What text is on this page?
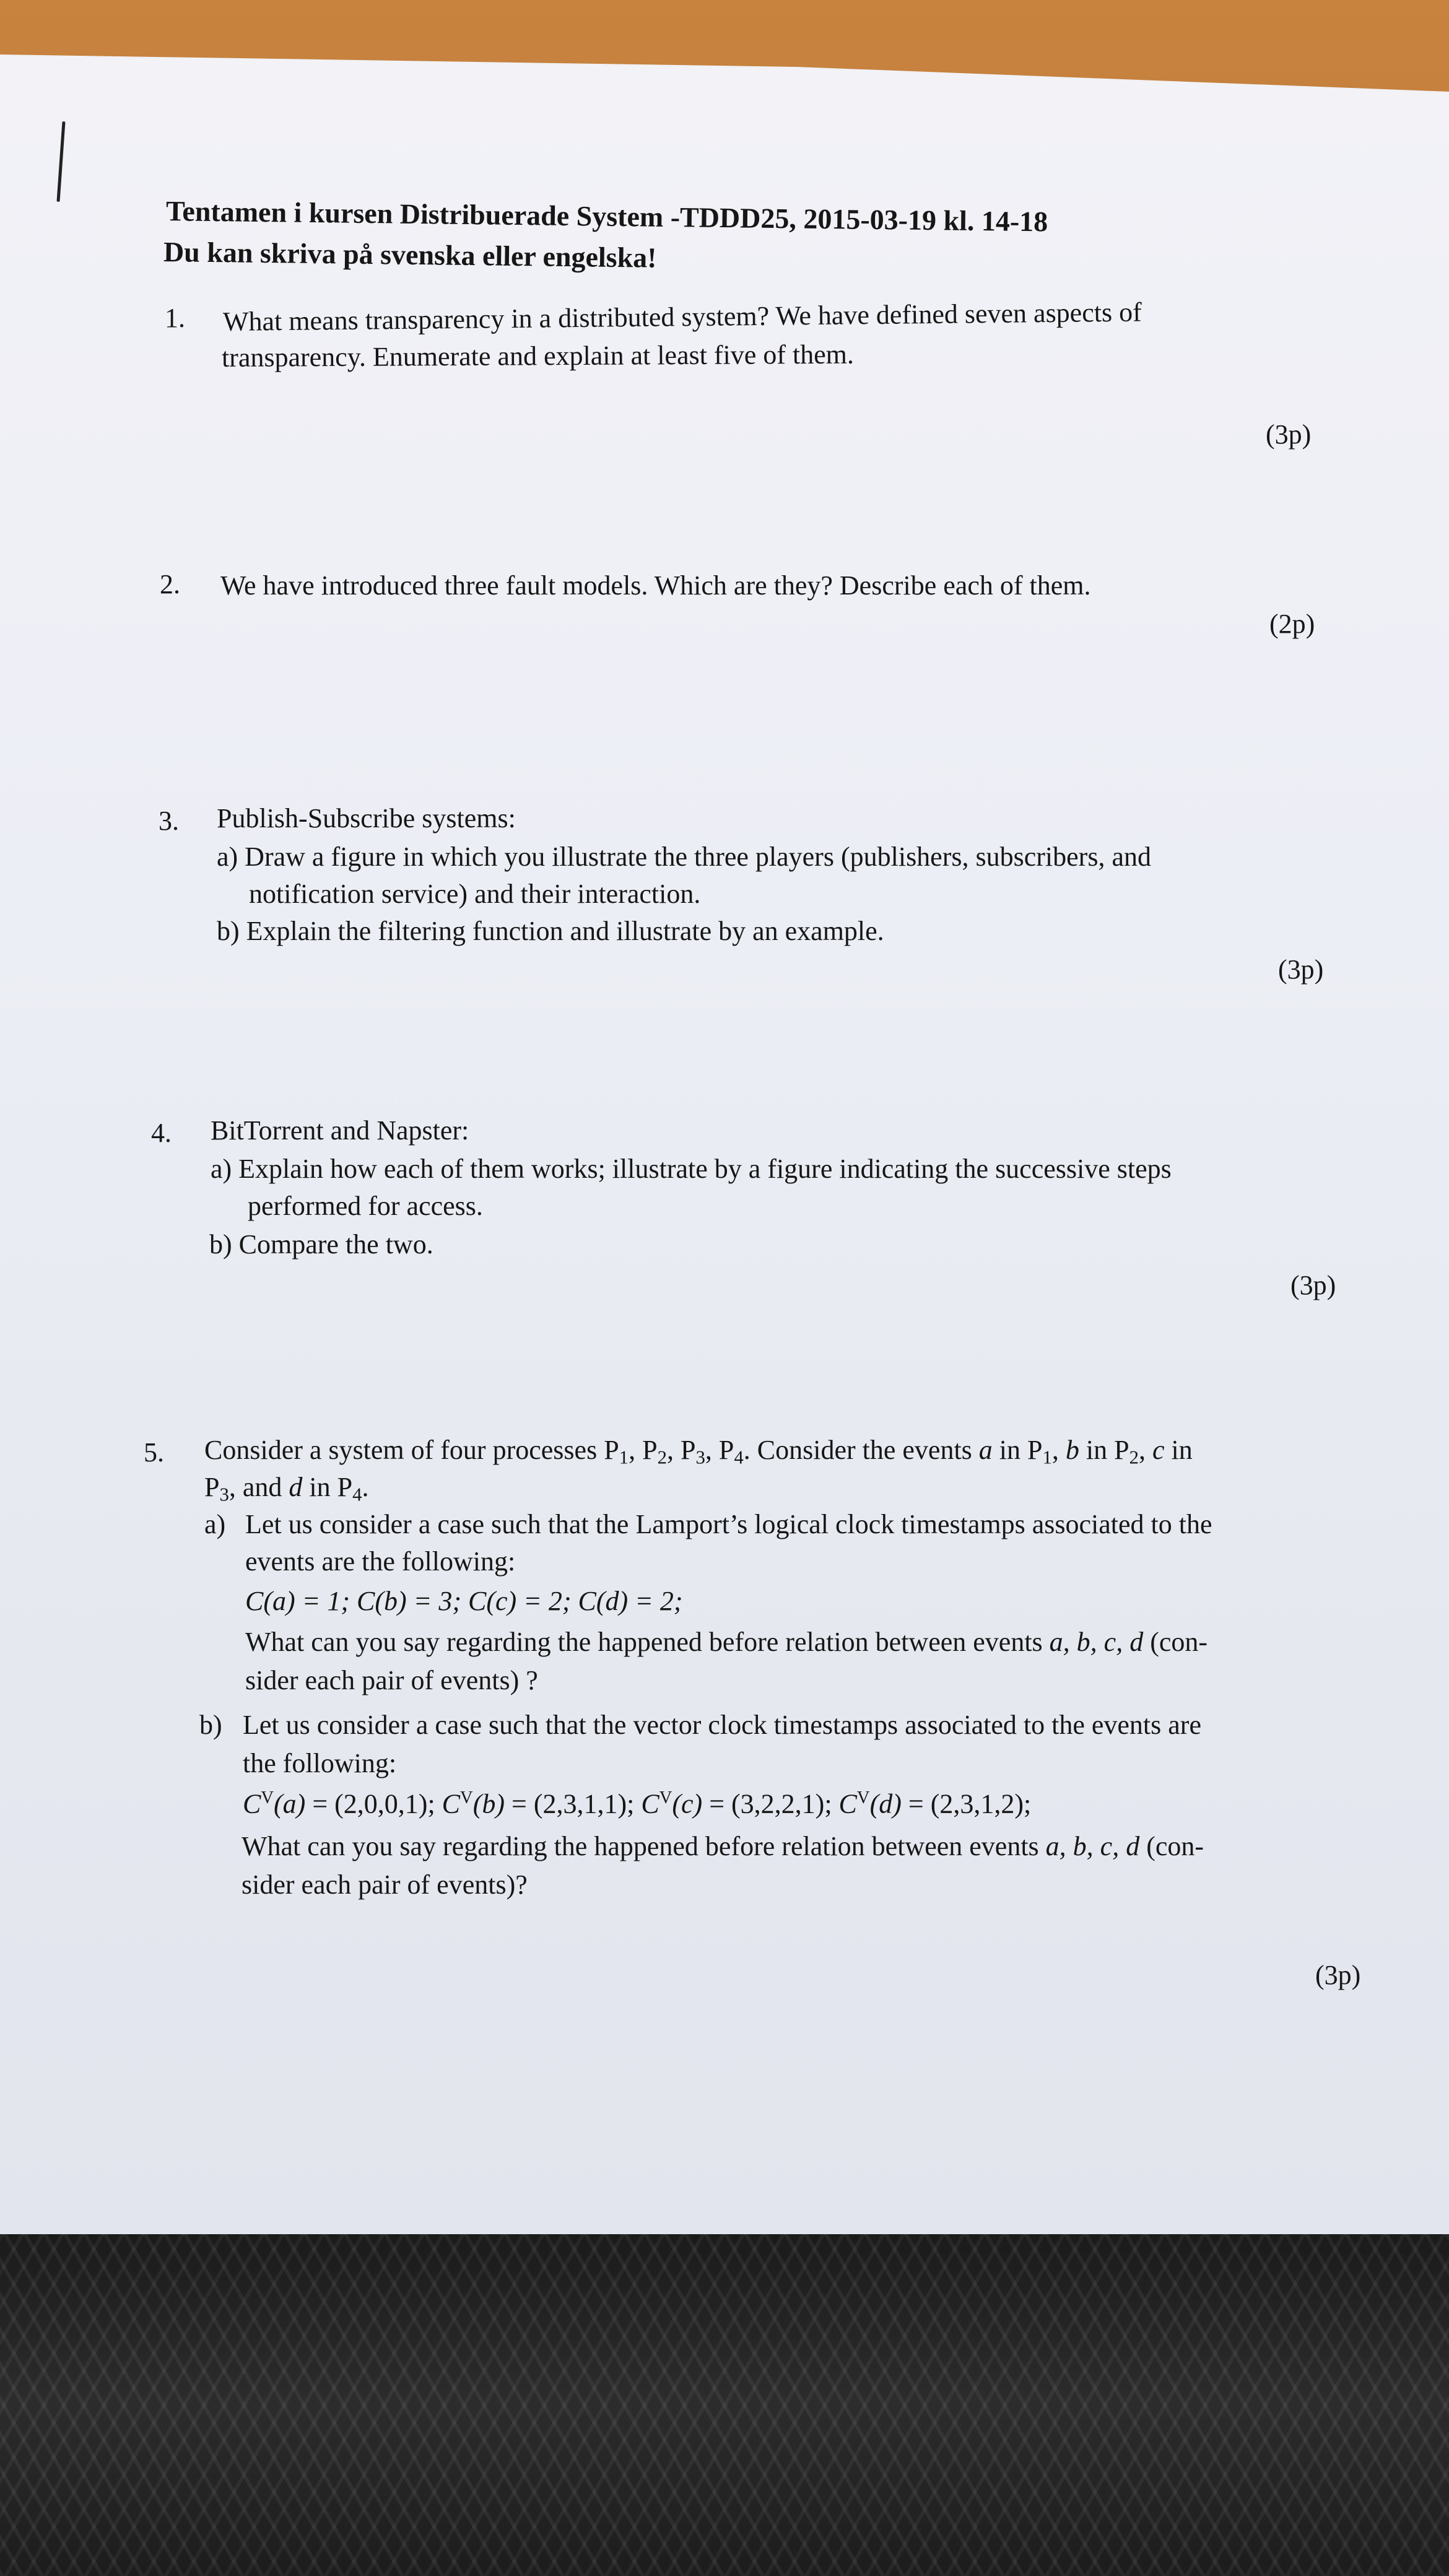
Tentamen i kursen Distribuerade System -TDDD25, 2015-03-19 kl. 14-18
Du kan skriva på svenska eller engelska!
1. What means transparency in a distributed system? We have defined seven aspects of
transparency. Enumerate and explain at least five of them.
(3p)
2. We have introduced three fault models. Which are they? Describe each of them.
(2p)
3. Publish-Subscribe systems:
a) Draw a figure in which you illustrate the three players (publishers, subscribers, and
notification service) and their interaction.
b) Explain the filtering function and illustrate by an example.
(3p)
4. BitTorrent and Napster:
a) Explain how each of them works; illustrate by a figure indicating the successive steps
performed for access.
b) Compare the two.
(3p)
5. Consider a system of four processes $P_1$, $P_2$, $P_3$, $P_4$. Consider the events a in $P_1$, b in $P_2$, c in
$P_3$, and d in $P_4$.
a) Let us consider a case such that the Lamport’s logical clock timestamps associated to the
events are the following:
C(a) = 1; C(b) = 3; C(c) = 2; C(d) = 2;
What can you say regarding the happened before relation between events a, b, c, d (con-
sider each pair of events) ?
b) Let us consider a case such that the vector clock timestamps associated to the events are
the following:
$C^V(a) = (2,0,0,1)$; $C^V(b) = (2,3,1,1)$; $C^V(c) = (3,2,2,1)$; $C^V(d) = (2,3,1,2)$;
What can you say regarding the happened before relation between events a, b, c, d (con-
sider each pair of events)?
(3p)
